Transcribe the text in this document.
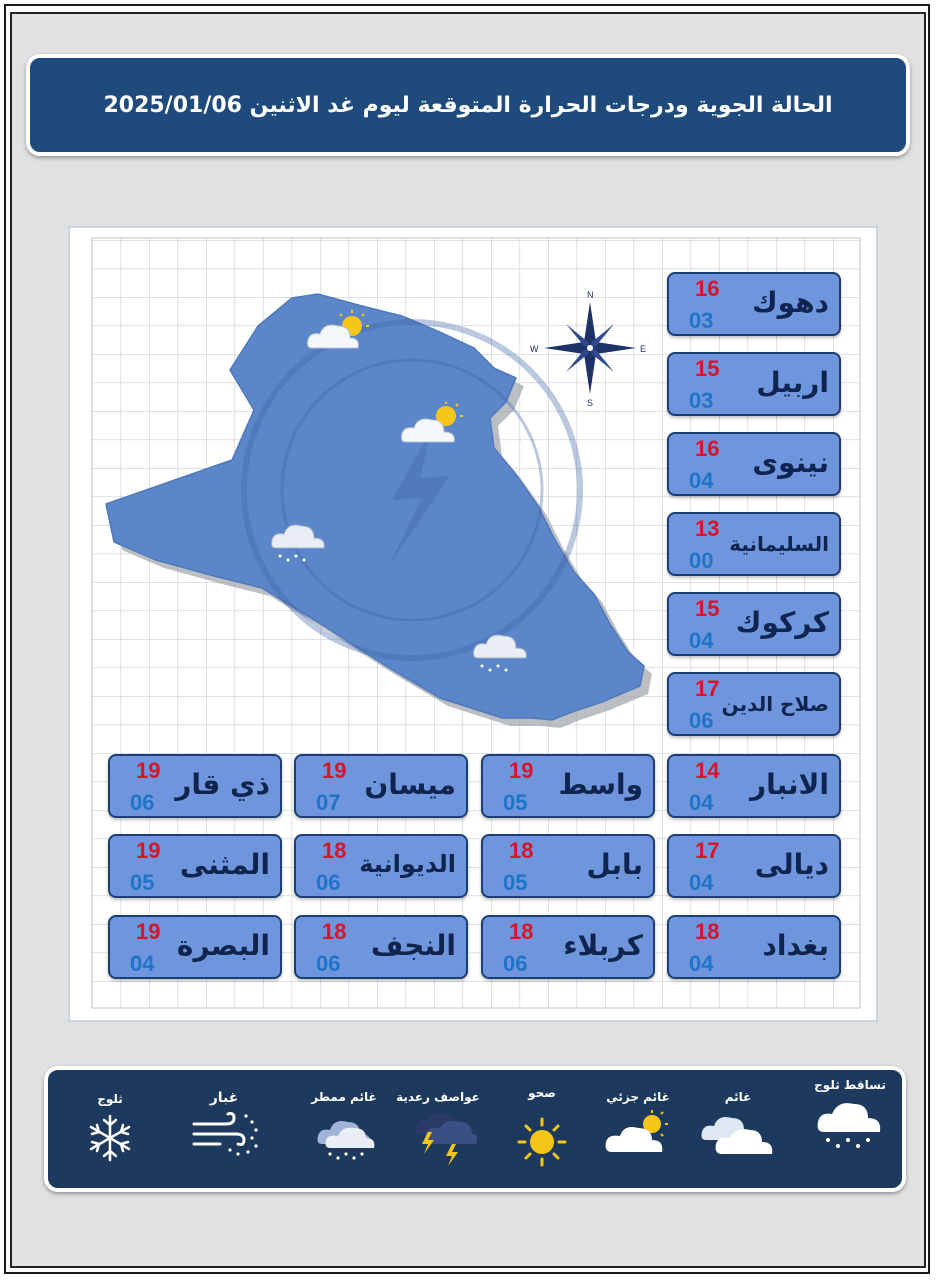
الحالة الجوية ودرجات الحرارة المتوقعة ليوم غد الاثنين 2025/01/06
N
S
E
W
دهوك
16
03
اربيل
15
03
نينوى
16
04
السليمانية
13
00
كركوك
15
04
صلاح الدين
17
06
الانبار
14
04
واسط
19
05
ميسان
19
07
ذي قار
19
06
ديالى
17
04
بابل
18
05
الديوانية
18
06
المثنى
19
05
بغداد
18
04
كربلاء
18
06
النجف
18
06
البصرة
19
04
تساقط ثلوج
غائم
غائم جزئي
صحو
عواصف رعدية
غائم ممطر
غبار
ثلوج
